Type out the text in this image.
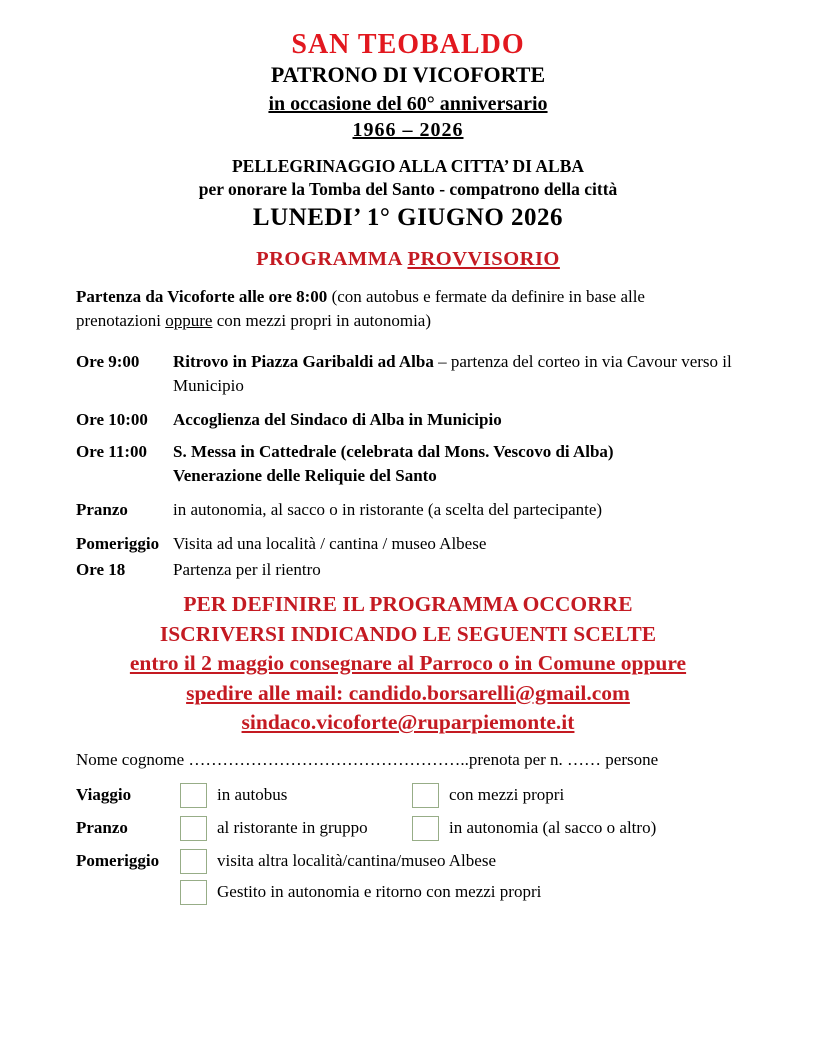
SAN TEOBALDO
PATRONO DI VICOFORTE
in occasione del 60° anniversario
1966 – 2026
PELLEGRINAGGIO ALLA CITTA’ DI ALBA
per onorare la Tomba del Santo - compatrono della città
LUNEDI’ 1° GIUGNO 2026
PROGRAMMA PROVVISORIO

Partenza da Vicoforte alle ore 8:00 (con autobus e fermate da definire in base alle prenotazioni oppure con mezzi propri in autonomia)

Ore 9:00	Ritrovo in Piazza Garibaldi ad Alba – partenza del corteo in via Cavour verso il Municipio
Ore 10:00	Accoglienza del Sindaco di Alba in Municipio
Ore 11:00	S. Messa in Cattedrale (celebrata dal Mons. Vescovo di Alba)
Venerazione delle Reliquie del Santo
Pranzo	in autonomia, al sacco o in ristorante (a scelta del partecipante)
Pomeriggio Visita ad una località / cantina / museo Albese
Ore 18	Partenza per il rientro
PER DEFINIRE IL PROGRAMMA OCCORRE
ISCRIVERSI INDICANDO LE SEGUENTI SCELTE
entro il 2 maggio consegnare al Parroco o in Comune oppure
spedire alle mail: candido.borsarelli@gmail.com
sindaco.vicoforte@ruparpiemonte.it
Nome cognome …………………………………………..prenota per n. …… persone
Viaggio	in autobus	con mezzi propri
Pranzo	al ristorante in gruppo	in autonomia (al sacco o altro)
Pomeriggio	visita altra località/cantina/museo Albese
Gestito in autonomia e ritorno con mezzi propri
